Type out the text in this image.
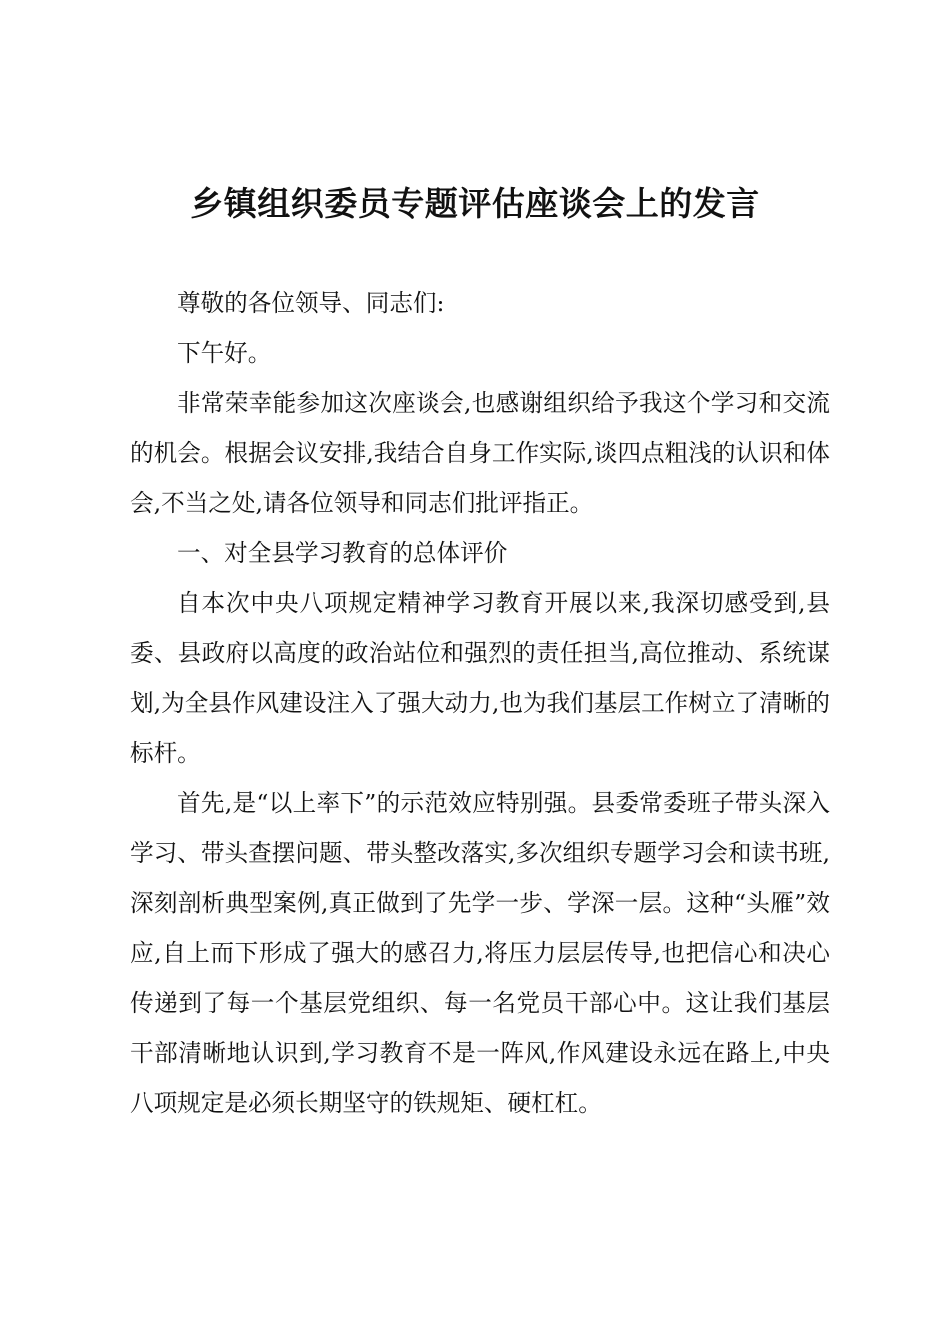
乡镇组织委员专题评估座谈会上的发言

尊敬的各位领导、同志们:

下午好。

非常荣幸能参加这次座谈会,也感谢组织给予我这个学习和交流的机会。根据会议安排,我结合自身工作实际,谈四点粗浅的认识和体会,不当之处,请各位领导和同志们批评指正。

一、对全县学习教育的总体评价

自本次中央八项规定精神学习教育开展以来,我深切感受到,县委、县政府以高度的政治站位和强烈的责任担当,高位推动、系统谋划,为全县作风建设注入了强大动力,也为我们基层工作树立了清晰的标杆。

首先,是“以上率下”的示范效应特别强。县委常委班子带头深入学习、带头查摆问题、带头整改落实,多次组织专题学习会和读书班,深刻剖析典型案例,真正做到了先学一步、学深一层。这种“头雁”效应,自上而下形成了强大的感召力,将压力层层传导,也把信心和决心传递到了每一个基层党组织、每一名党员干部心中。这让我们基层干部清晰地认识到,学习教育不是一阵风,作风建设永远在路上,中央八项规定是必须长期坚守的铁规矩、硬杠杠。
